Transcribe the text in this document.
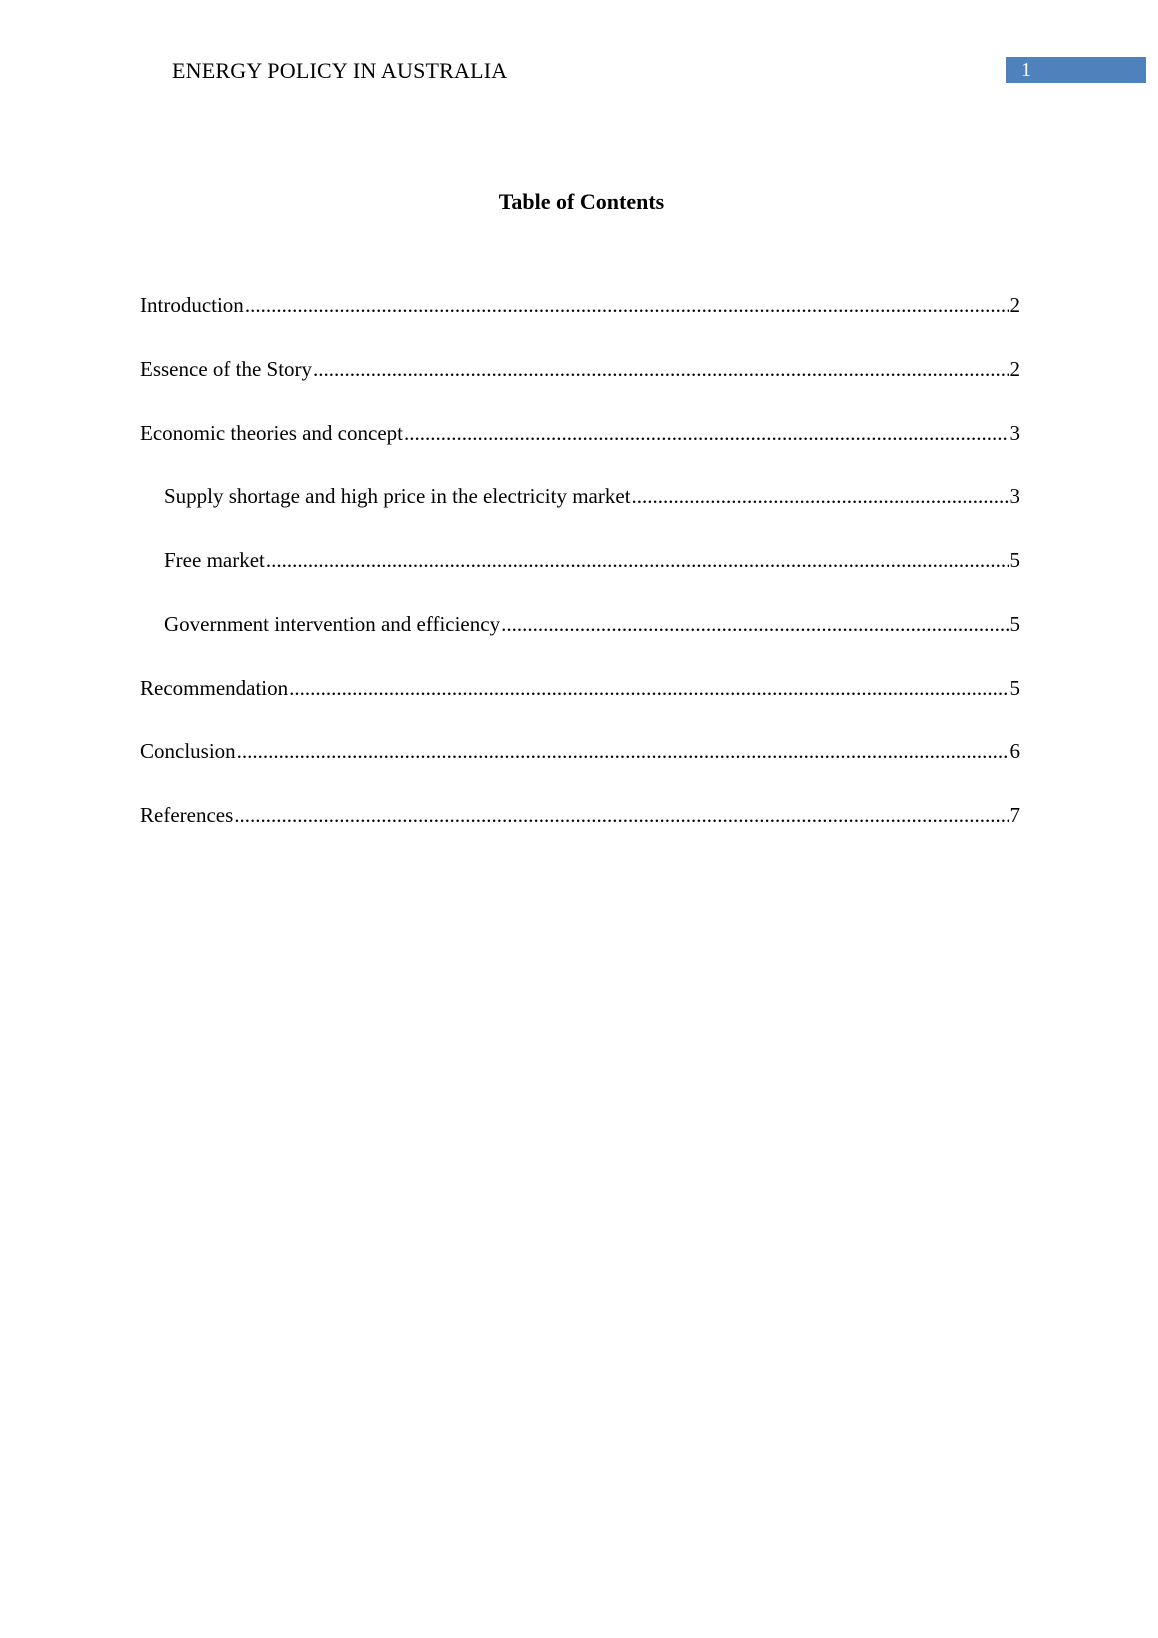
ENERGY POLICY IN AUSTRALIA	1
Table of Contents
Introduction .....	2
Essence of the Story .....	2
Economic theories and concept .....	3
Supply shortage and high price in the electricity market .....	3
Free market .....	5
Government intervention and efficiency .....	5
Recommendation .....	5
Conclusion .....	6
References .....	7
